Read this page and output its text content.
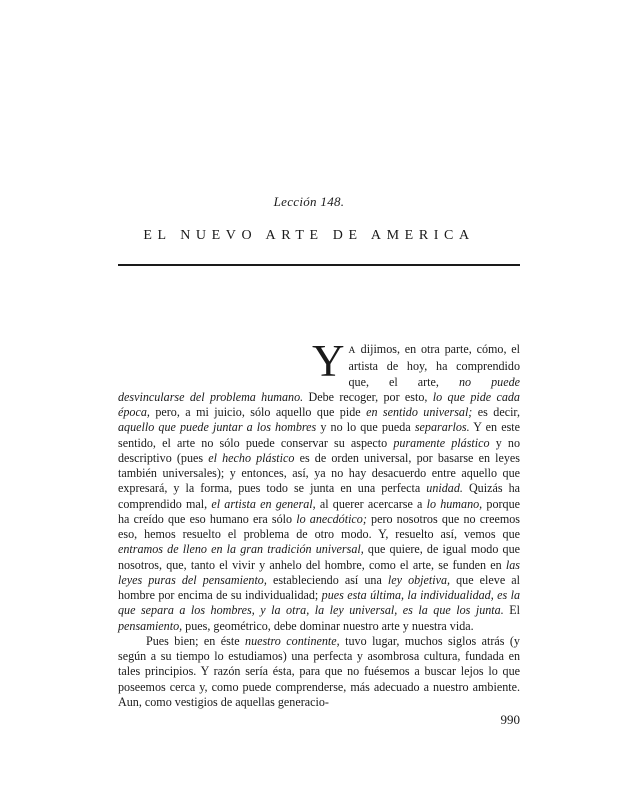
Lección 148.
EL NUEVO ARTE DE AMERICA

Y A dijimos, en otra parte, cómo, el artista de hoy, ha comprendido que, el arte, no puede desvincularse del problema humano. Debe recoger, por esto, lo que pide cada época, pero, a mi juicio, sólo aquello que pide en sentido universal; es decir, aquello que puede juntar a los hombres y no lo que pueda separarlos. Y en este sentido, el arte no sólo puede conservar su aspecto puramente plástico y no descriptivo (pues el hecho plástico es de orden universal, por basarse en leyes también universales); y entonces, así, ya no hay desacuerdo entre aquello que expresará, y la forma, pues todo se junta en una perfecta unidad. Quizás ha comprendido mal, el artista en general, al querer acercarse a lo humano, porque ha creído que eso humano era sólo lo anecdótico; pero nosotros que no creemos eso, hemos resuelto el problema de otro modo. Y, resuelto así, vemos que entramos de lleno en la gran tradición universal, que quiere, de igual modo que nosotros, que, tanto el vivir y anhelo del hombre, como el arte, se funden en las leyes puras del pensamiento, estableciendo así una ley objetiva, que eleve al hombre por encima de su individualidad; pues esta última, la individualidad, es la que separa a los hombres, y la otra, la ley universal, es la que los junta. El pensamiento, pues, geométrico, debe dominar nuestro arte y nuestra vida.

Pues bien; en éste nuestro continente, tuvo lugar, muchos siglos atrás (y según a su tiempo lo estudiamos) una perfecta y asombrosa cultura, fundada en tales principios. Y razón sería ésta, para que no fuésemos a buscar lejos lo que poseemos cerca y, como puede comprenderse, más adecuado a nuestro ambiente. Aun, como vestigios de aquellas generacio-

990
